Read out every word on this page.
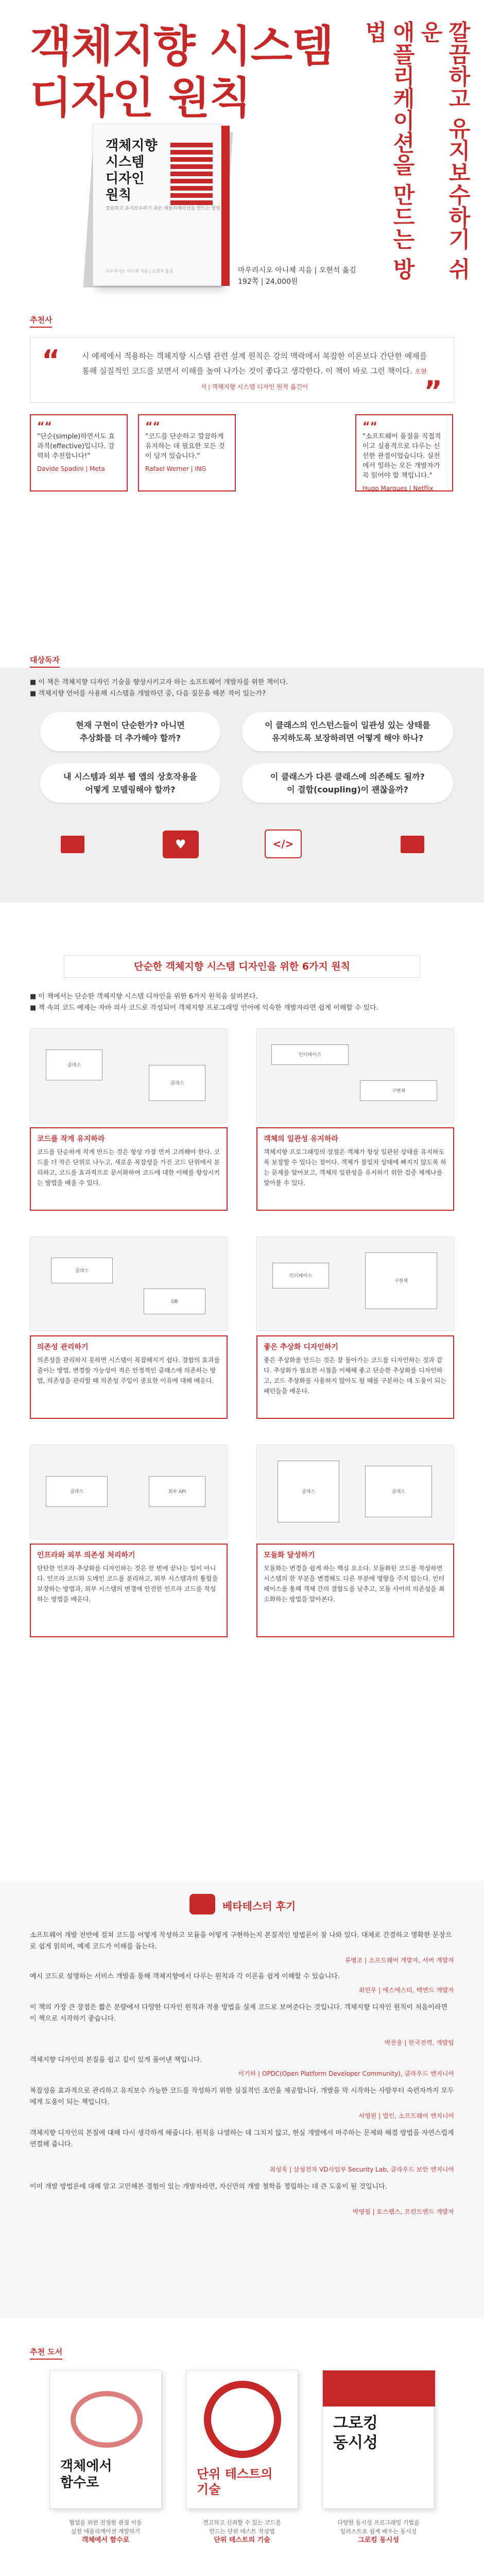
객체지향 시스템
디자인 원칙	깔끔하고 유지보수하기 쉬운
애플리케이션을 만드는 방법
객체지향
시스템
디자인
원칙
깔끔하고 유지보수하기 쉬운 애플리케이션을 만드는 방법
마우리시오 아니체 지음 | 오현석 옮김	마우리시오 아니체 지음 | 오현석 옮김
192쪽 | 24,000원
추천사
“	시 예제에서 적용하는 객체지향 시스템 관련 설계 원칙은 강의 맥락에서 복잡한 이론보다 간단한 예제를 통해 실질적인 코드를 보면서 이해를 높여 나가는 것이 좋다고 생각한다. 이 책이 바로 그런 책이다. 오현석 | 객체지향 시스템 디자인 원칙 옮긴이	”
““ "단순(simple)하면서도 효과적(effective)입니다. 강력히 추천합니다!"
Davide Spadini | Meta
““ "코드를 단순하고 깔끔하게 유지하는 데 필요한 모든 것이 담겨 있습니다."
Rafael Werner | ING
““ "소프트웨어 품질을 직접적이고 실용적으로 다루는 신선한 관점이었습니다. 실전에서 일하는 모든 개발자가 꼭 읽어야 할 책입니다."
Hugo Marques | Netflix
대상독자
■ 이 책은 객체지향 디자인 기술을 향상시키고자 하는 소프트웨어 개발자를 위한 책이다.
■ 객체지향 언어를 사용해 시스템을 개발하던 중, 다음 질문을 해본 적이 있는가?
현재 구현이 단순한가? 아니면
추상화를 더 추가해야 할까?
이 클래스의 인스턴스들이 일관성 있는 상태를
유지하도록 보장하려면 어떻게 해야 하나?
내 시스템과 외부 웹 앱의 상호작용을
어떻게 모델링해야 할까?
이 클래스가 다른 클래스에 의존해도 될까?
이 결합(coupling)이 괜찮을까?
♥	</>
단순한 객체지향 시스템 디자인을 위한 6가지 원칙
■ 이 책에서는 단순한 객체지향 시스템 디자인을 위한 6가지 원칙을 살펴본다.
■ 책 속의 코드 예제는 자바 의사 코드로 작성되어 객체지향 프로그래밍 언어에 익숙한 개발자라면 쉽게 이해할 수 있다.
클래스
클래스
인터페이스
구현체
코드를 작게 유지하라
코드를 단순하게 작게 만드는 것은 항상 가장 먼저 고려해야 한다. 코드를 더 작은 단위로 나누고, 새로운 복잡성을 가진 코드 단위에서 분리하고, 코드를 효과적으로 문서화하여 코드에 대한 이해를 향상시키는 방법을 배울 수 있다.
객체의 일관성 유지하라
객체지향 프로그래밍의 장점은 객체가 항상 일관된 상태를 유지하도록 보장할 수 있다는 점이다. 객체가 불일치 상태에 빠지지 않도록 하는 문제를 알아보고, 객체의 일관성을 유지하기 위한 검증 체계나를 알아볼 수 있다.
클래스
DB
인터페이스
구현체
의존성 관리하기
의존성을 관리하지 못하면 시스템이 복잡해지기 쉽다. 결합의 효과를 줄이는 방법, 변경할 가능성이 적은 안정적인 클래스에 의존하는 방법, 의존성을 관리할 때 의존성 주입이 중요한 이유에 대해 배운다.
좋은 추상화 디자인하기
좋은 추상화를 만드는 것은 잘 돌아가는 코드를 디자인하는 것과 같다. 추상화가 필요한 시점을 이해해 좋고 단순한 추상화를 디자인하고, 코드 추상화를 사용하지 않아도 될 때를 구분하는 데 도움이 되는 패턴들을 배운다.
클래스	외부 API	클래스	클래스
인프라와 외부 의존성 처리하기
탄탄한 인프라 추상화를 디자인하는 것은 한 번에 끝나는 일이 아니다. 인프라 코드와 도메인 코드를 분리하고, 외부 시스템과의 통합을 보장하는 방법과, 외부 시스템의 변경에 안전한 인프라 코드를 작성하는 방법을 배운다.
모듈화 달성하기
모듈화는 변경을 쉽게 하는 핵심 요소다. 모듈화된 코드를 작성하면 시스템의 한 부분을 변경해도 다른 부분에 영향을 주지 않는다. 인터페이스를 통해 객체 간의 결합도를 낮추고, 모듈 사이의 의존성을 최소화하는 방법을 알아본다.
베타테스터 후기
소프트웨어 개발 전반에 걸쳐 코드를 어떻게 작성하고 모듈을 어떻게 구현하는지 본질적인 방법론이 잘 나와 있다. 대체로 간결하고 명확한 문장으로 쉽게 읽히며, 예제 코드가 이해를 돕는다.
류병조 | 소프트웨어 개발자, 서버 개발자
예시 코드로 설명하는 서비스 개발을 통해 객체지향에서 다루는 원칙과 각 이론을 쉽게 이해할 수 있습니다.
최민우 | 에스에스티, 백엔드 개발자
이 책의 가장 큰 장점은 짧은 분량에서 다양한 디자인 원칙과 적용 방법을 실제 코드로 보여준다는 것입니다. 객체지향 디자인 원칙이 처음이라면 이 책으로 시작하기 좋습니다.
박찬웅 | 한국전력, 개발팀
객체지향 디자인의 본질을 쉽고 깊이 있게 풀어낸 책입니다.
이기하 | OPDC(Open Platform Developer Community), 클라우드 엔지니어
복잡성을 효과적으로 관리하고 유지보수 가능한 코드를 작성하기 위한 실질적인 조언을 제공합니다. 개발을 막 시작하는 사람부터 숙련자까지 모두에게 도움이 되는 책입니다.
서영원 | 법인, 소프트웨어 엔지니어
객체지향 디자인의 본질에 대해 다시 생각하게 해줍니다. 원칙을 나열하는 데 그치지 않고, 현실 개발에서 마주하는 문제와 해결 방법을 자연스럽게 연결해 줍니다.
최성욱 | 삼성전자 VD사업부 Security Lab, 클라우드 보안 엔지니어
이미 개발 방법론에 대해 알고 고민해본 경험이 있는 개발자라면, 자신만의 개발 철학을 정립하는 데 큰 도움이 될 것입니다.
박영필 | 토스랩스, 프런트엔드 개발자
추천 도서
객체에서
함수로
단위 테스트의
기술
그로킹
동시성
협업을 위한 진정한 관점 이동
실전 애플리케이션 개발하기
객체에서 함수로
견고하고 신뢰할 수 있는 코드를
만드는 단위 테스트 작성법
단위 테스트의 기술
다양한 동시성 프로그래밍 기법을
일러스트로 쉽게 배우는 동시성
그로킹 동시성
